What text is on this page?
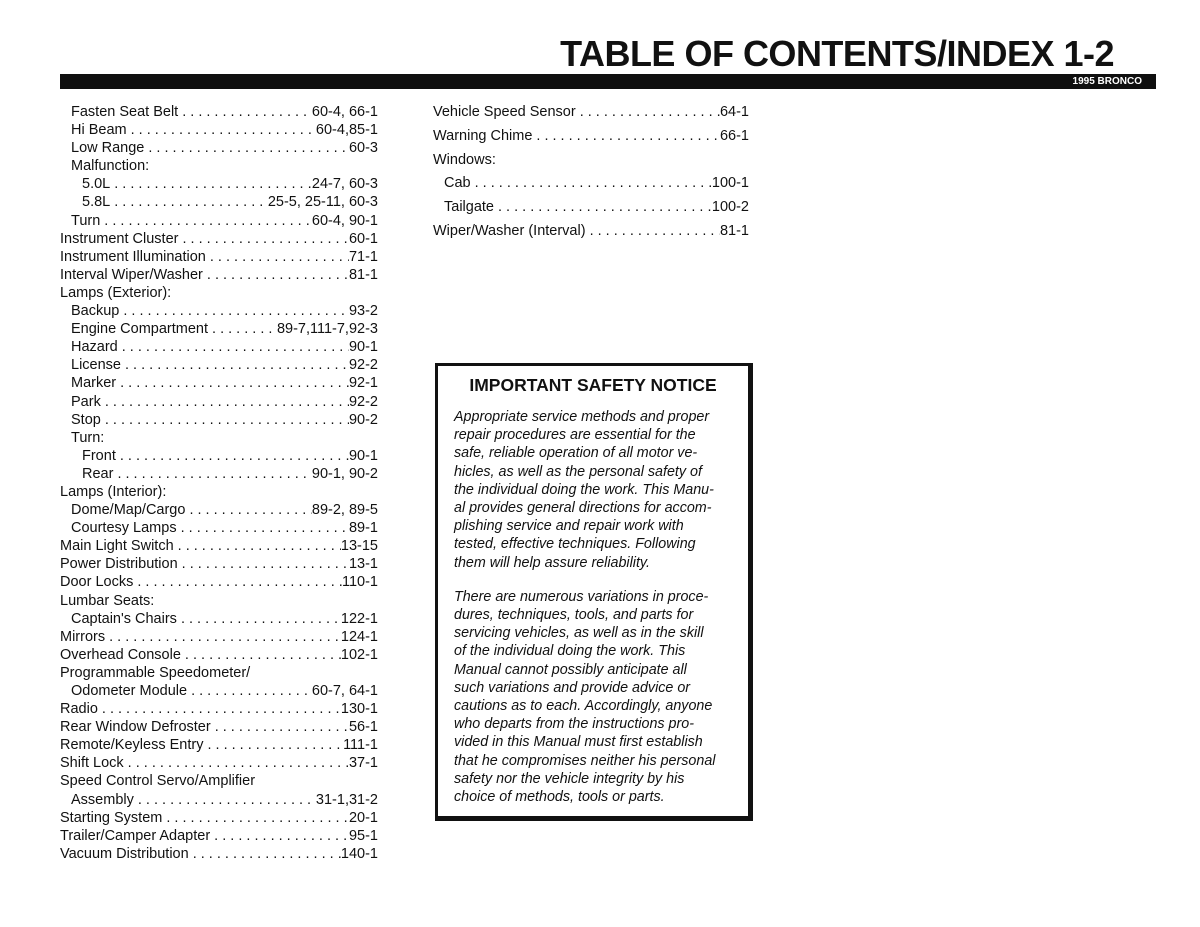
TABLE OF CONTENTS/INDEX 1-2
1995 BRONCO
Fasten Seat Belt . . .	60-4, 66-1
Hi Beam . . .	60-4,85-1
Low Range . . .	60-3
Malfunction:
5.0L . . .	24-7, 60-3
5.8L . . .	25-5, 25-11, 60-3
Turn . . .	60-4, 90-1
Instrument Cluster . . .	60-1
Instrument Illumination . . .	71-1
Interval Wiper/Washer . . .	81-1
Lamps (Exterior):
Backup . . .	93-2
Engine Compartment . . .	89-7,111-7,92-3
Hazard . . .	90-1
License . . .	92-2
Marker . . .	92-1
Park . . .	92-2
Stop . . .	90-2
Turn:
Front . . .	90-1
Rear . . .	90-1, 90-2
Lamps (Interior):
Dome/Map/Cargo . . .	89-2, 89-5
Courtesy Lamps . . .	89-1
Main Light Switch . . .	13-15
Power Distribution . . .	13-1
Door Locks . . .	110-1
Lumbar Seats:
Captain's Chairs . . .	122-1
Mirrors . . .	124-1
Overhead Console . . .	102-1
Programmable Speedometer/
Odometer Module . . .	60-7, 64-1
Radio . . .	130-1
Rear Window Defroster . . .	56-1
Remote/Keyless Entry . . .	111-1
Shift Lock . . .	37-1
Speed Control Servo/Amplifier
Assembly . . .	31-1,31-2
Starting System . . .	20-1
Trailer/Camper Adapter . . .	95-1
Vacuum Distribution . . .	140-1
Vehicle Speed Sensor . . .	64-1
Warning Chime . . .	66-1
Windows:
Cab . . .	100-1
Tailgate . . .	100-2
Wiper/Washer (Interval) . . .	81-1
IMPORTANT SAFETY NOTICE

Appropriate service methods and proper
repair procedures are essential for the
safe, reliable operation of all motor ve-
hicles, as well as the personal safety of
the individual doing the work. This Manu-
al provides general directions for accom-
plishing service and repair work with
tested, effective techniques. Following
them will help assure reliability.

There are numerous variations in proce-
dures, techniques, tools, and parts for
servicing vehicles, as well as in the skill
of the individual doing the work. This
Manual cannot possibly anticipate all
such variations and provide advice or
cautions as to each. Accordingly, anyone
who departs from the instructions pro-
vided in this Manual must first establish
that he compromises neither his personal
safety nor the vehicle integrity by his
choice of methods, tools or parts.
